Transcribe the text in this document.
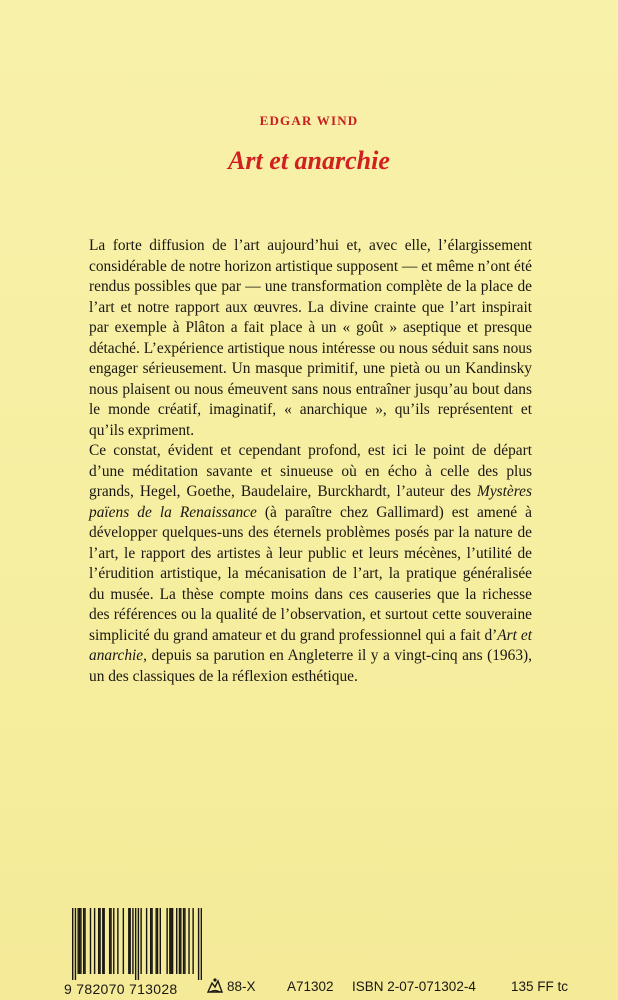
EDGAR WIND
Art et anarchie

La forte diffusion de l’art aujourd’hui et, avec elle, l’élargissement considérable de notre horizon artistique supposent — et même n’ont été rendus possibles que par — une transformation complète de la place de l’art et notre rapport aux œuvres. La divine crainte que l’art inspirait par exemple à Plâton a fait place à un « goût » aseptique et presque détaché. L’expérience artistique nous intéresse ou nous séduit sans nous engager sérieusement. Un masque primitif, une pietà ou un Kandinsky nous plaisent ou nous émeuvent sans nous entraîner jusqu’au bout dans le monde créatif, imaginatif, « anarchique », qu’ils représentent et qu’ils expriment.

Ce constat, évident et cependant profond, est ici le point de départ d’une méditation savante et sinueuse où en écho à celle des plus grands, Hegel, Goethe, Baudelaire, Burckhardt, l’auteur des Mystères païens de la Renaissance (à paraître chez Gallimard) est amené à développer quelques-uns des éternels problèmes posés par la nature de l’art, le rapport des artistes à leur public et leurs mécènes, l’utilité de l’érudition artistique, la mécanisation de l’art, la pratique généralisée du musée. La thèse compte moins dans ces causeries que la richesse des références ou la qualité de l’observation, et surtout cette souveraine simplicité du grand amateur et du grand professionnel qui a fait d’Art et anarchie, depuis sa parution en Angleterre il y a vingt-cinq ans (1963), un des classiques de la réflexion esthétique.

9 782070 713028	88-X A71302 ISBN 2-07-071302-4	135 FF tc
